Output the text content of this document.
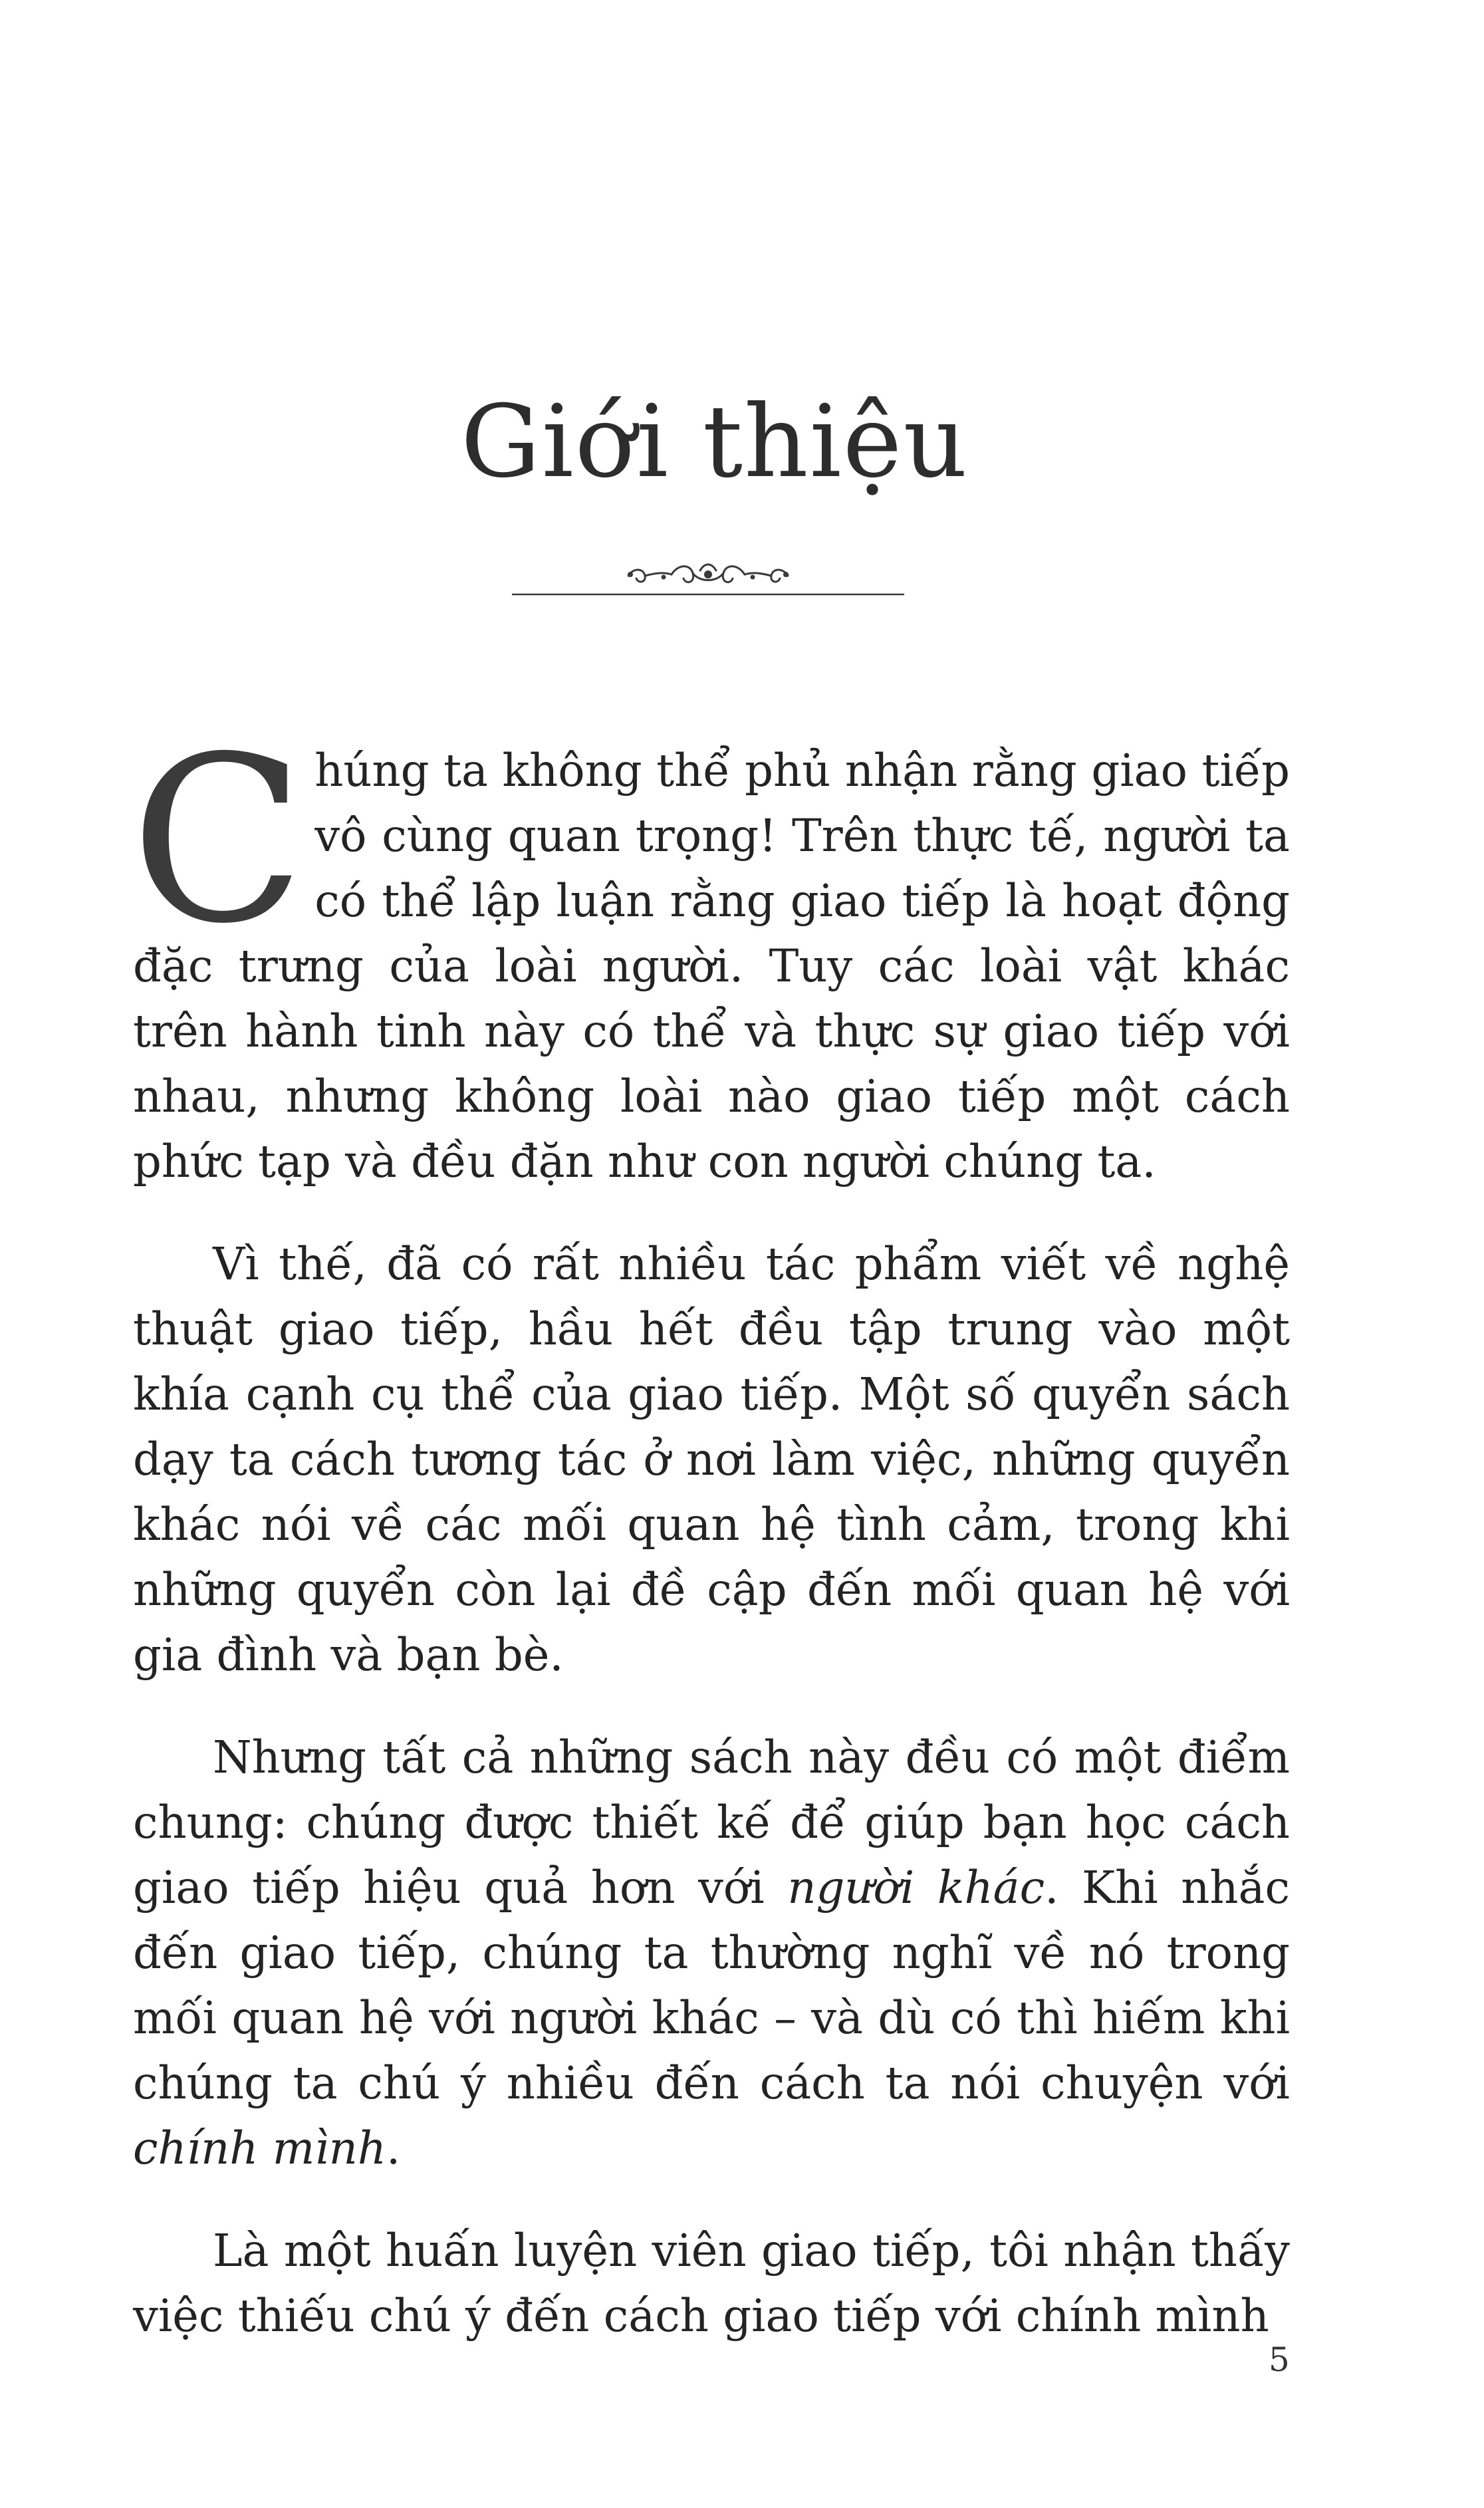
Giới thiệu

Chúng ta không thể phủ nhận rằng giao tiếp vô cùng quan trọng! Trên thực tế, người ta có thể lập luận rằng giao tiếp là hoạt động đặc trưng của loài người. Tuy các loài vật khác trên hành tinh này có thể và thực sự giao tiếp với nhau, nhưng không loài nào giao tiếp một cách phức tạp và đều đặn như con người chúng ta.

Vì thế, đã có rất nhiều tác phẩm viết về nghệ thuật giao tiếp, hầu hết đều tập trung vào một khía cạnh cụ thể của giao tiếp. Một số quyển sách dạy ta cách tương tác ở nơi làm việc, những quyển khác nói về các mối quan hệ tình cảm, trong khi những quyển còn lại đề cập đến mối quan hệ với gia đình và bạn bè.

Nhưng tất cả những sách này đều có một điểm chung: chúng được thiết kế để giúp bạn học cách giao tiếp hiệu quả hơn với người khác. Khi nhắc đến giao tiếp, chúng ta thường nghĩ về nó trong mối quan hệ với người khác – và dù có thì hiếm khi chúng ta chú ý nhiều đến cách ta nói chuyện với chính mình.

Là một huấn luyện viên giao tiếp, tôi nhận thấy việc thiếu chú ý đến cách giao tiếp với chính mình

5
